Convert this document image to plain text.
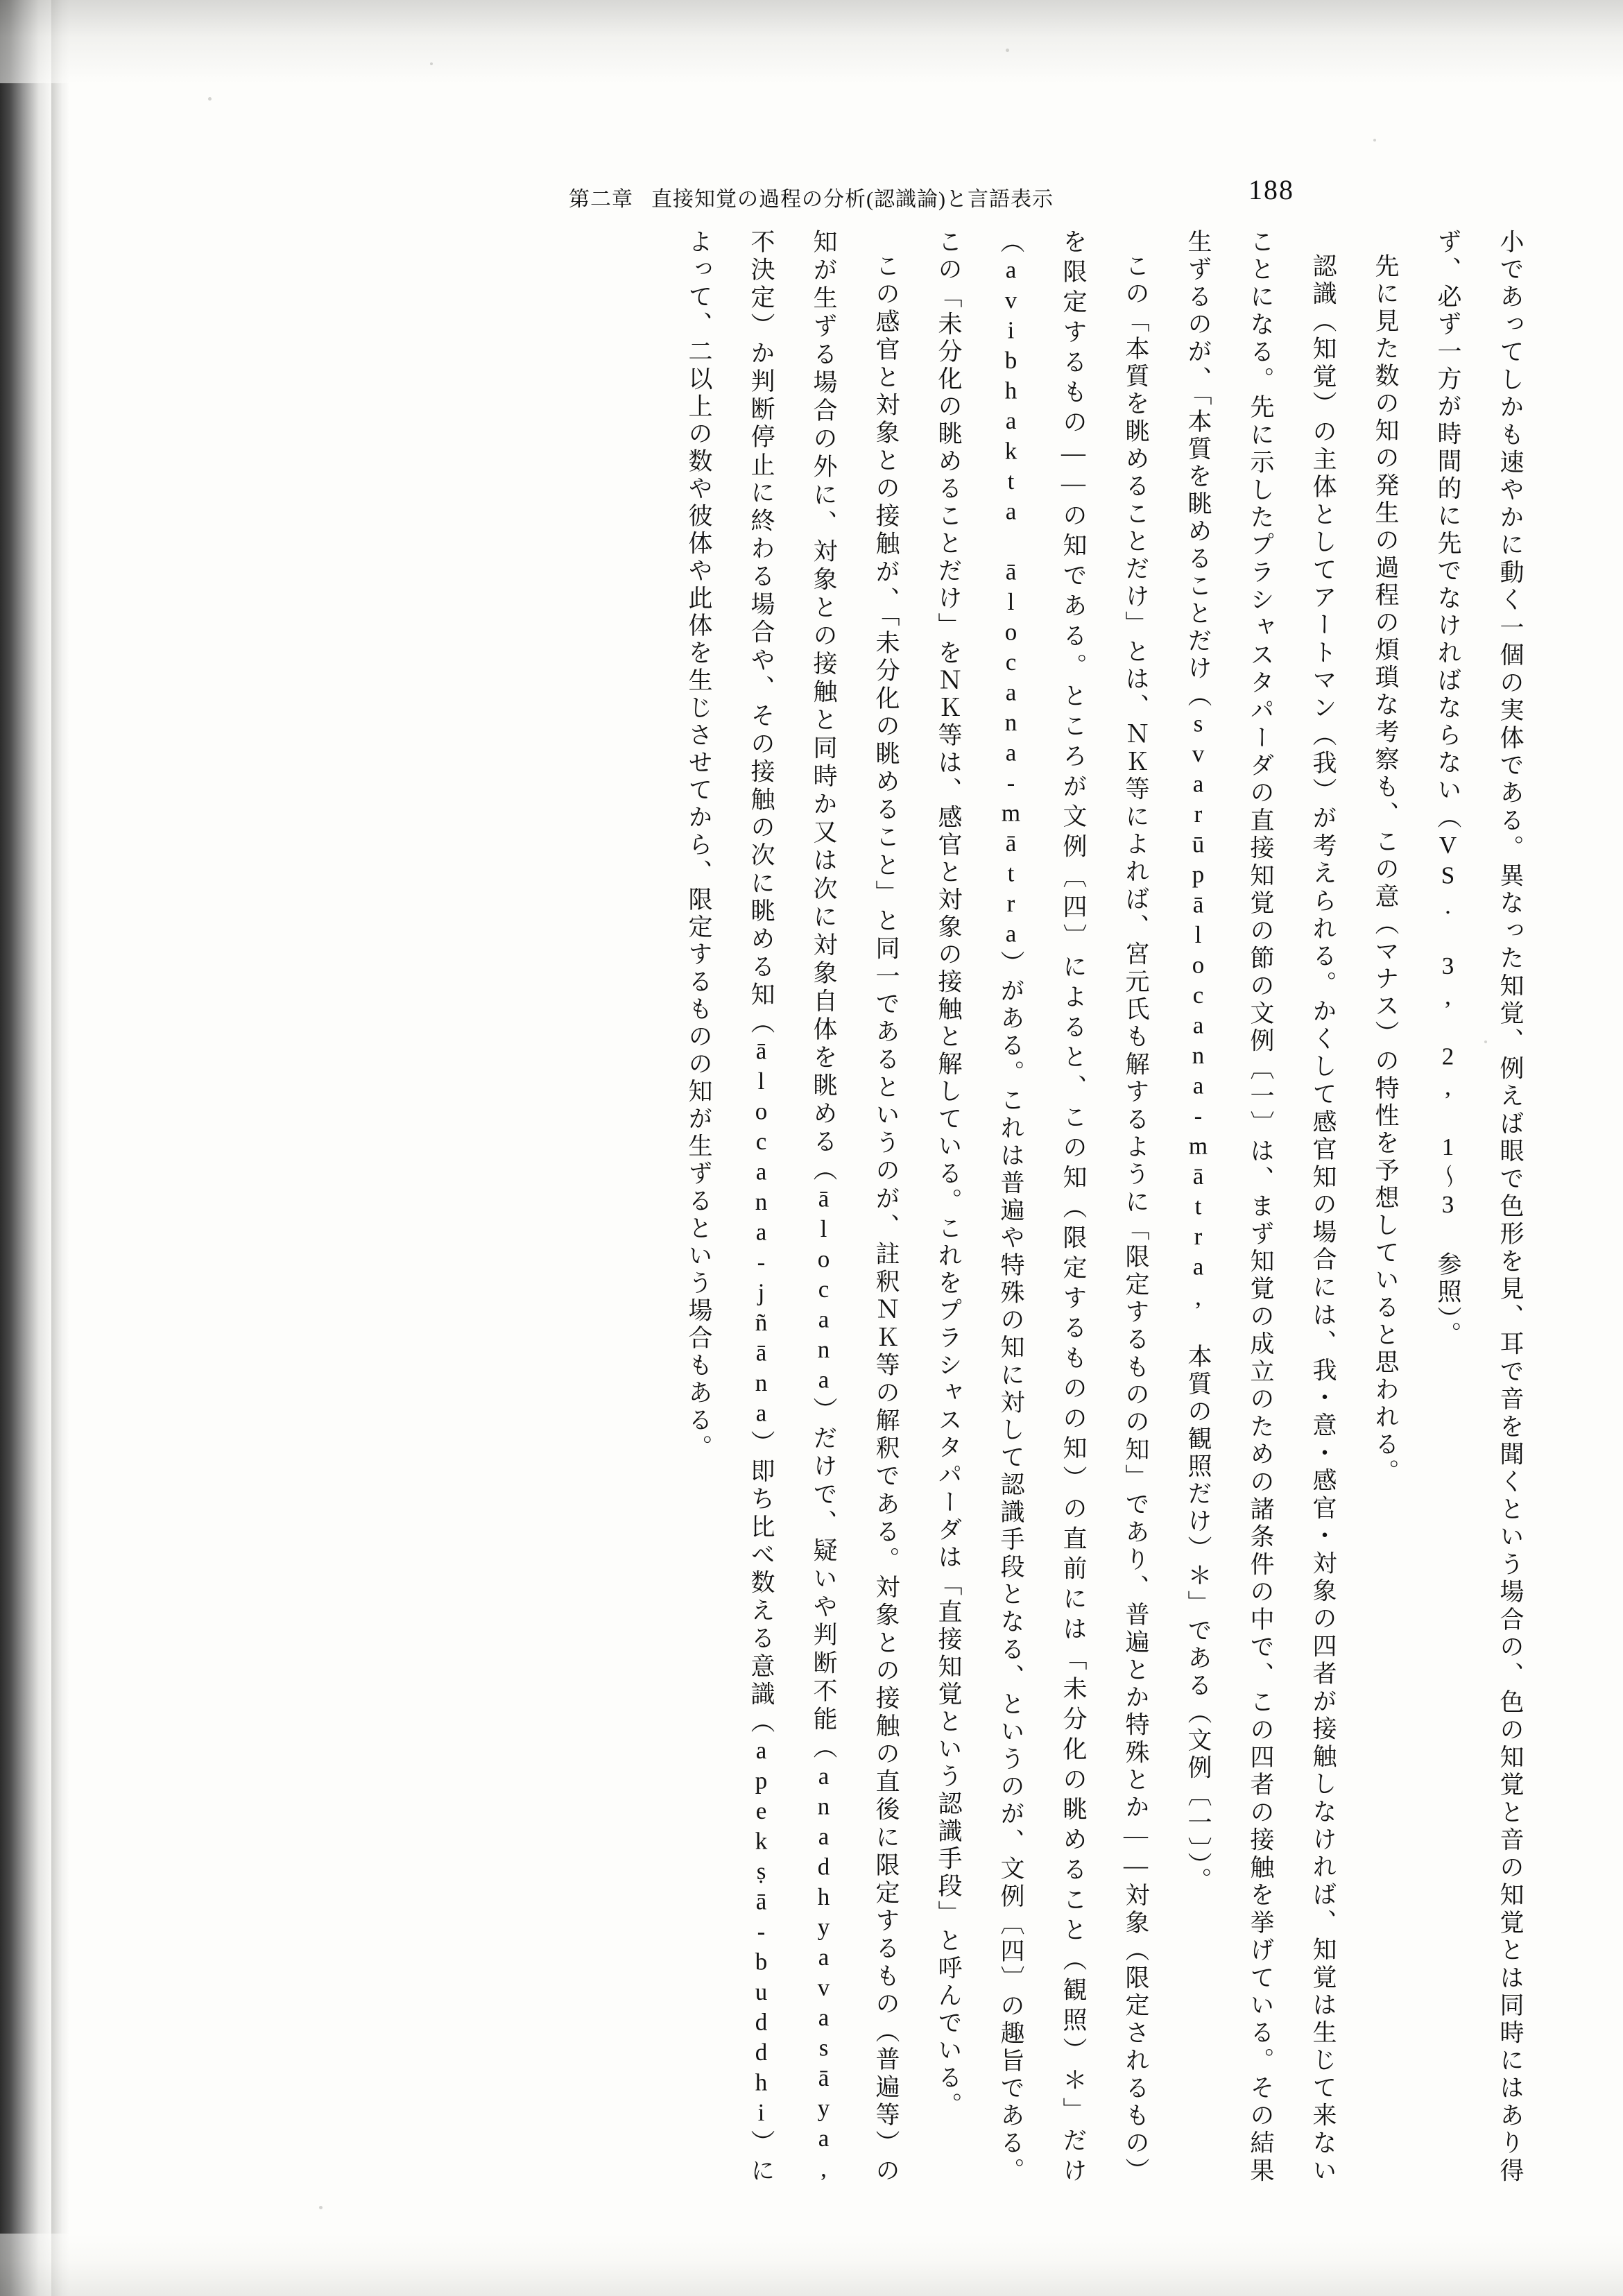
第二章 直接知覚の過程の分析(認識論)と言語表示	188

小であってしかも速やかに動く一個の実体である。異なった知覚、例えば眼で色形を見、耳で音を聞くという場合の、色の知覚と音の知覚とは同時にはあり得ず、必ず一方が時間的に先でなければならない（VS. 3, 2, 1～3 参照）。

先に見た数の知の発生の過程の煩瑣な考察も、この意（マナス）の特性を予想していると思われる。

認識（知覚）の主体としてアートマン（我）が考えられる。かくして感官知の場合には、我・意・感官・対象の四者が接触しなければ、知覚は生じて来ないことになる。先に示したプラシャスタパーダの直接知覚の節の文例〔一〕は、まず知覚の成立のための諸条件の中で、この四者の接触を挙げている。その結果生ずるのが、「本質を眺めることだけ（svarūpālocana-mātra, 本質の観照だけ）＊」である（文例〔一〕）。

この「本質を眺めることだけ」とは、ＮＫ等によれば、宮元氏も解するように「限定するものの知」であり、普遍とか特殊とか――対象（限定されるもの）を限定するもの――の知である。ところが文例〔四〕によると、この知（限定するものの知）の直前には「未分化の眺めること（観照）＊」だけ（avibhakta ālocana-mātra）がある。これは普遍や特殊の知に対して認識手段となる、というのが、文例〔四〕の趣旨である。この「未分化の眺めることだけ」をＮＫ等は、感官と対象の接触と解している。これをプラシャスタパーダは「直接知覚という認識手段」と呼んでいる。

この感官と対象との接触が、「未分化の眺めること」と同一であるというのが、註釈ＮＫ等の解釈である。対象との接触の直後に限定するもの（普遍等）の知が生ずる場合の外に、対象との接触と同時か又は次に対象自体を眺める（ālocana）だけで、疑いや判断不能（anadhyavasāya, 不決定）か判断停止に終わる場合や、その接触の次に眺める知（ālocana-jñāna）即ち比べ数える意識（apekṣā-buddhi）によって、二以上の数や彼体や此体を生じさせてから、限定するものの知が生ずるという場合もある。
